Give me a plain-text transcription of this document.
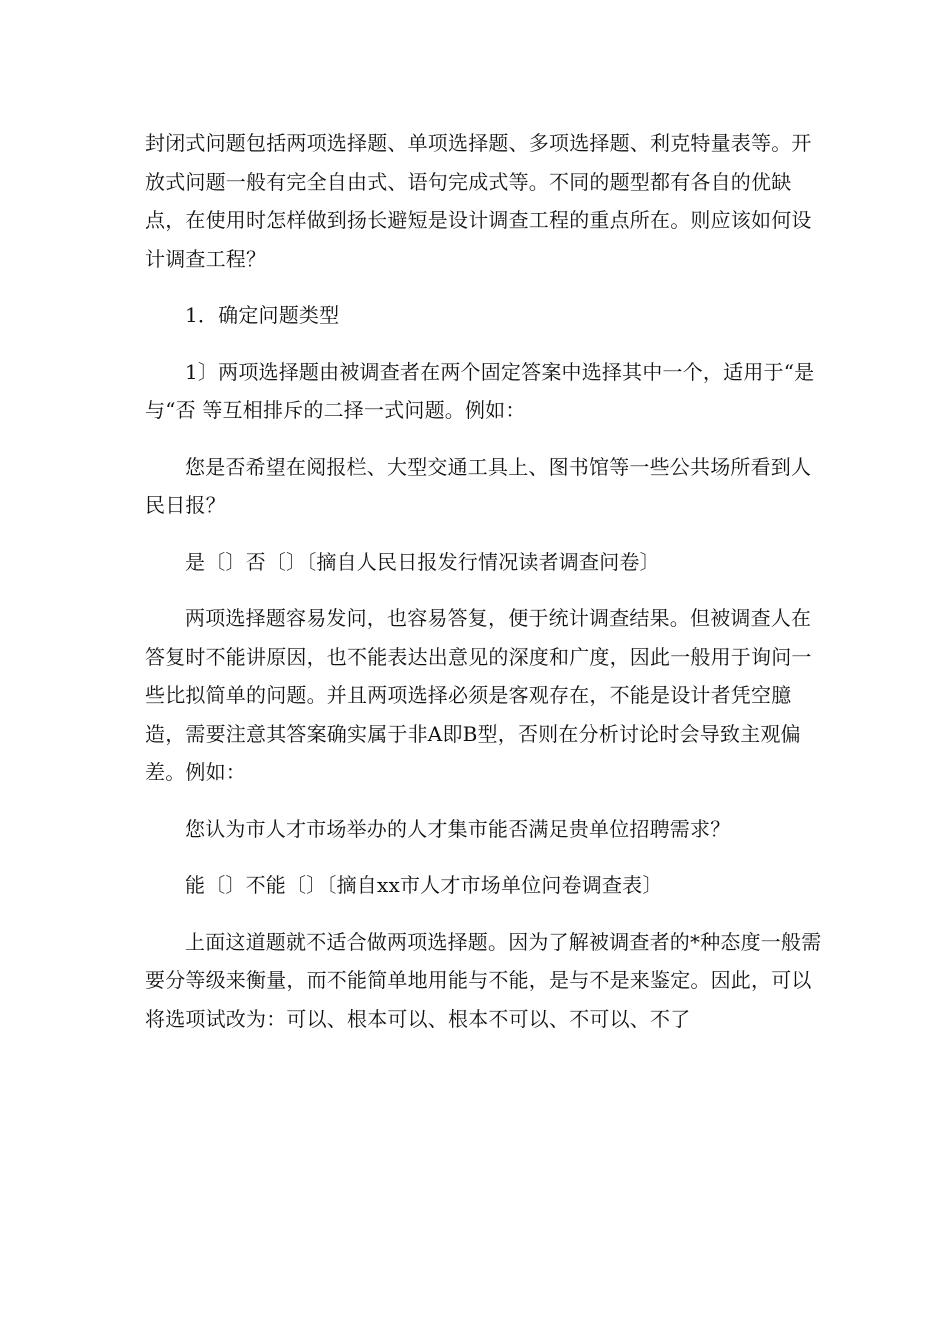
封闭式问题包括两项选择题、单项选择题、多项选择题、利克特量表等。开放式问题一般有完全自由式、语句完成式等。不同的题型都有各自的优缺点，在使用时怎样做到扬长避短是设计调查工程的重点所在。则应该如何设计调查工程？

1．确定问题类型

1〕两项选择题由被调查者在两个固定答案中选择其中一个，适用于“是 与“否 等互相排斥的二择一式问题。例如：

您是否希望在阅报栏、大型交通工具上、图书馆等一些公共场所看到人民日报？

是〔〕否〔〕〔摘自人民日报发行情况读者调查问卷〕

两项选择题容易发问，也容易答复，便于统计调查结果。但被调查人在答复时不能讲原因，也不能表达出意见的深度和广度，因此一般用于询问一些比拟简单的问题。并且两项选择必须是客观存在，不能是设计者凭空臆造，需要注意其答案确实属于非A即B型，否则在分析讨论时会导致主观偏差。例如：

您认为市人才市场举办的人才集市能否满足贵单位招聘需求？

能〔〕不能〔〕〔摘自xx市人才市场单位问卷调查表〕

上面这道题就不适合做两项选择题。因为了解被调查者的*种态度一般需要分等级来衡量，而不能简单地用能与不能，是与不是来鉴定。因此，可以将选项试改为：可以、根本可以、根本不可以、不可以、不了
